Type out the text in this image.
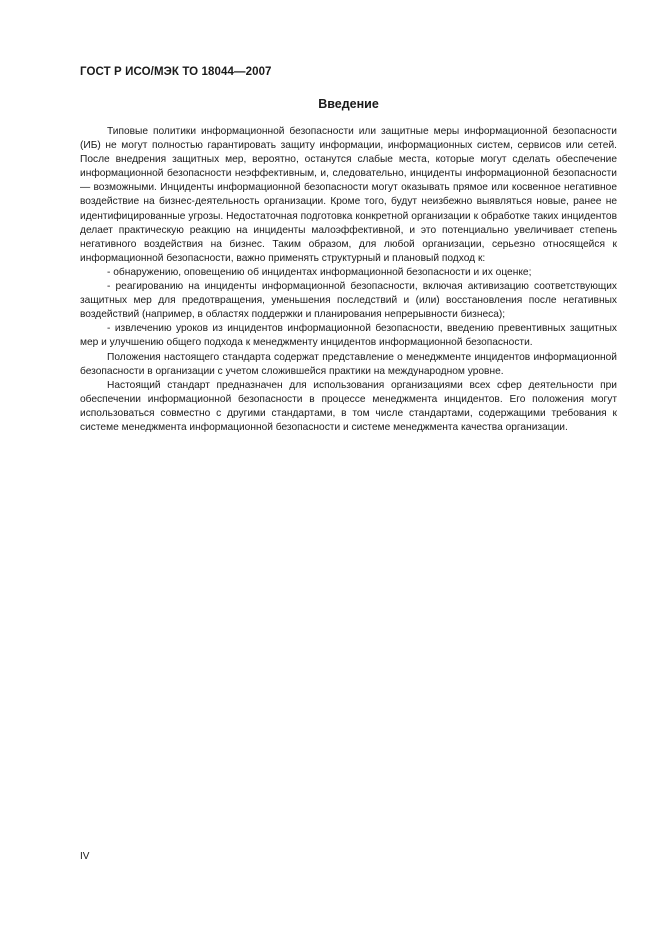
ГОСТ Р ИСО/МЭК ТО 18044—2007
Введение

Типовые политики информационной безопасности или защитные меры информационной безопасности (ИБ) не могут полностью гарантировать защиту информации, информационных систем, сервисов или сетей. После внедрения защитных мер, вероятно, останутся слабые места, которые могут сделать обеспечение информационной безопасности неэффективным, и, следовательно, инциденты информационной безопасности — возможными. Инциденты информационной безопасности могут оказывать прямое или косвенное негативное воздействие на бизнес-деятельность организации. Кроме того, будут неизбежно выявляться новые, ранее не идентифицированные угрозы. Недостаточная подготовка конкретной организации к обработке таких инцидентов делает практическую реакцию на инциденты малоэффективной, и это потенциально увеличивает степень негативного воздействия на бизнес. Таким образом, для любой организации, серьезно относящейся к информационной безопасности, важно применять структурный и плановый подход к:

- обнаружению, оповещению об инцидентах информационной безопасности и их оценке;

- реагированию на инциденты информационной безопасности, включая активизацию соответствующих защитных мер для предотвращения, уменьшения последствий и (или) восстановления после негативных воздействий (например, в областях поддержки и планирования непрерывности бизнеса);

- извлечению уроков из инцидентов информационной безопасности, введению превентивных защитных мер и улучшению общего подхода к менеджменту инцидентов информационной безопасности.

Положения настоящего стандарта содержат представление о менеджменте инцидентов информационной безопасности в организации с учетом сложившейся практики на международном уровне.

Настоящий стандарт предназначен для использования организациями всех сфер деятельности при обеспечении информационной безопасности в процессе менеджмента инцидентов. Его положения могут использоваться совместно с другими стандартами, в том числе стандартами, содержащими требования к системе менеджмента информационной безопасности и системе менеджмента качества организации.

IV
